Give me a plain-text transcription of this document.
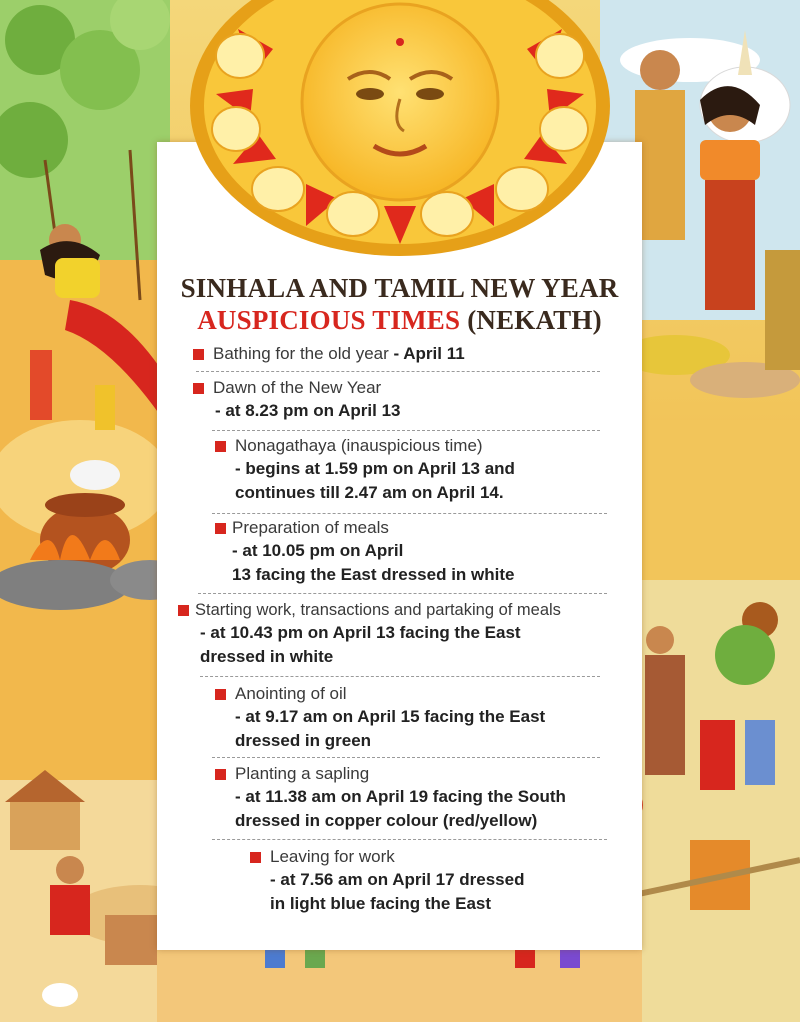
SINHALA AND TAMIL NEW YEAR
AUSPICIOUS TIMES (NEKATH)
Bathing for the old year - April 11
Dawn of the New Year
- at 8.23 pm on April 13
Nonagathaya (inauspicious time)
- begins at 1.59 pm on April 13 and
continues till 2.47 am on April 14.
Preparation of meals
- at 10.05 pm on April
13 facing the East dressed in white
Starting work, transactions and partaking of meals
- at 10.43 pm on April 13 facing the East
dressed in white
Anointing of oil
- at 9.17 am on April 15 facing the East
dressed in green
Planting a sapling
- at 11.38 am on April 19 facing the South
dressed in copper colour (red/yellow)
Leaving for work
- at 7.56 am on April 17 dressed
in light blue facing the East
